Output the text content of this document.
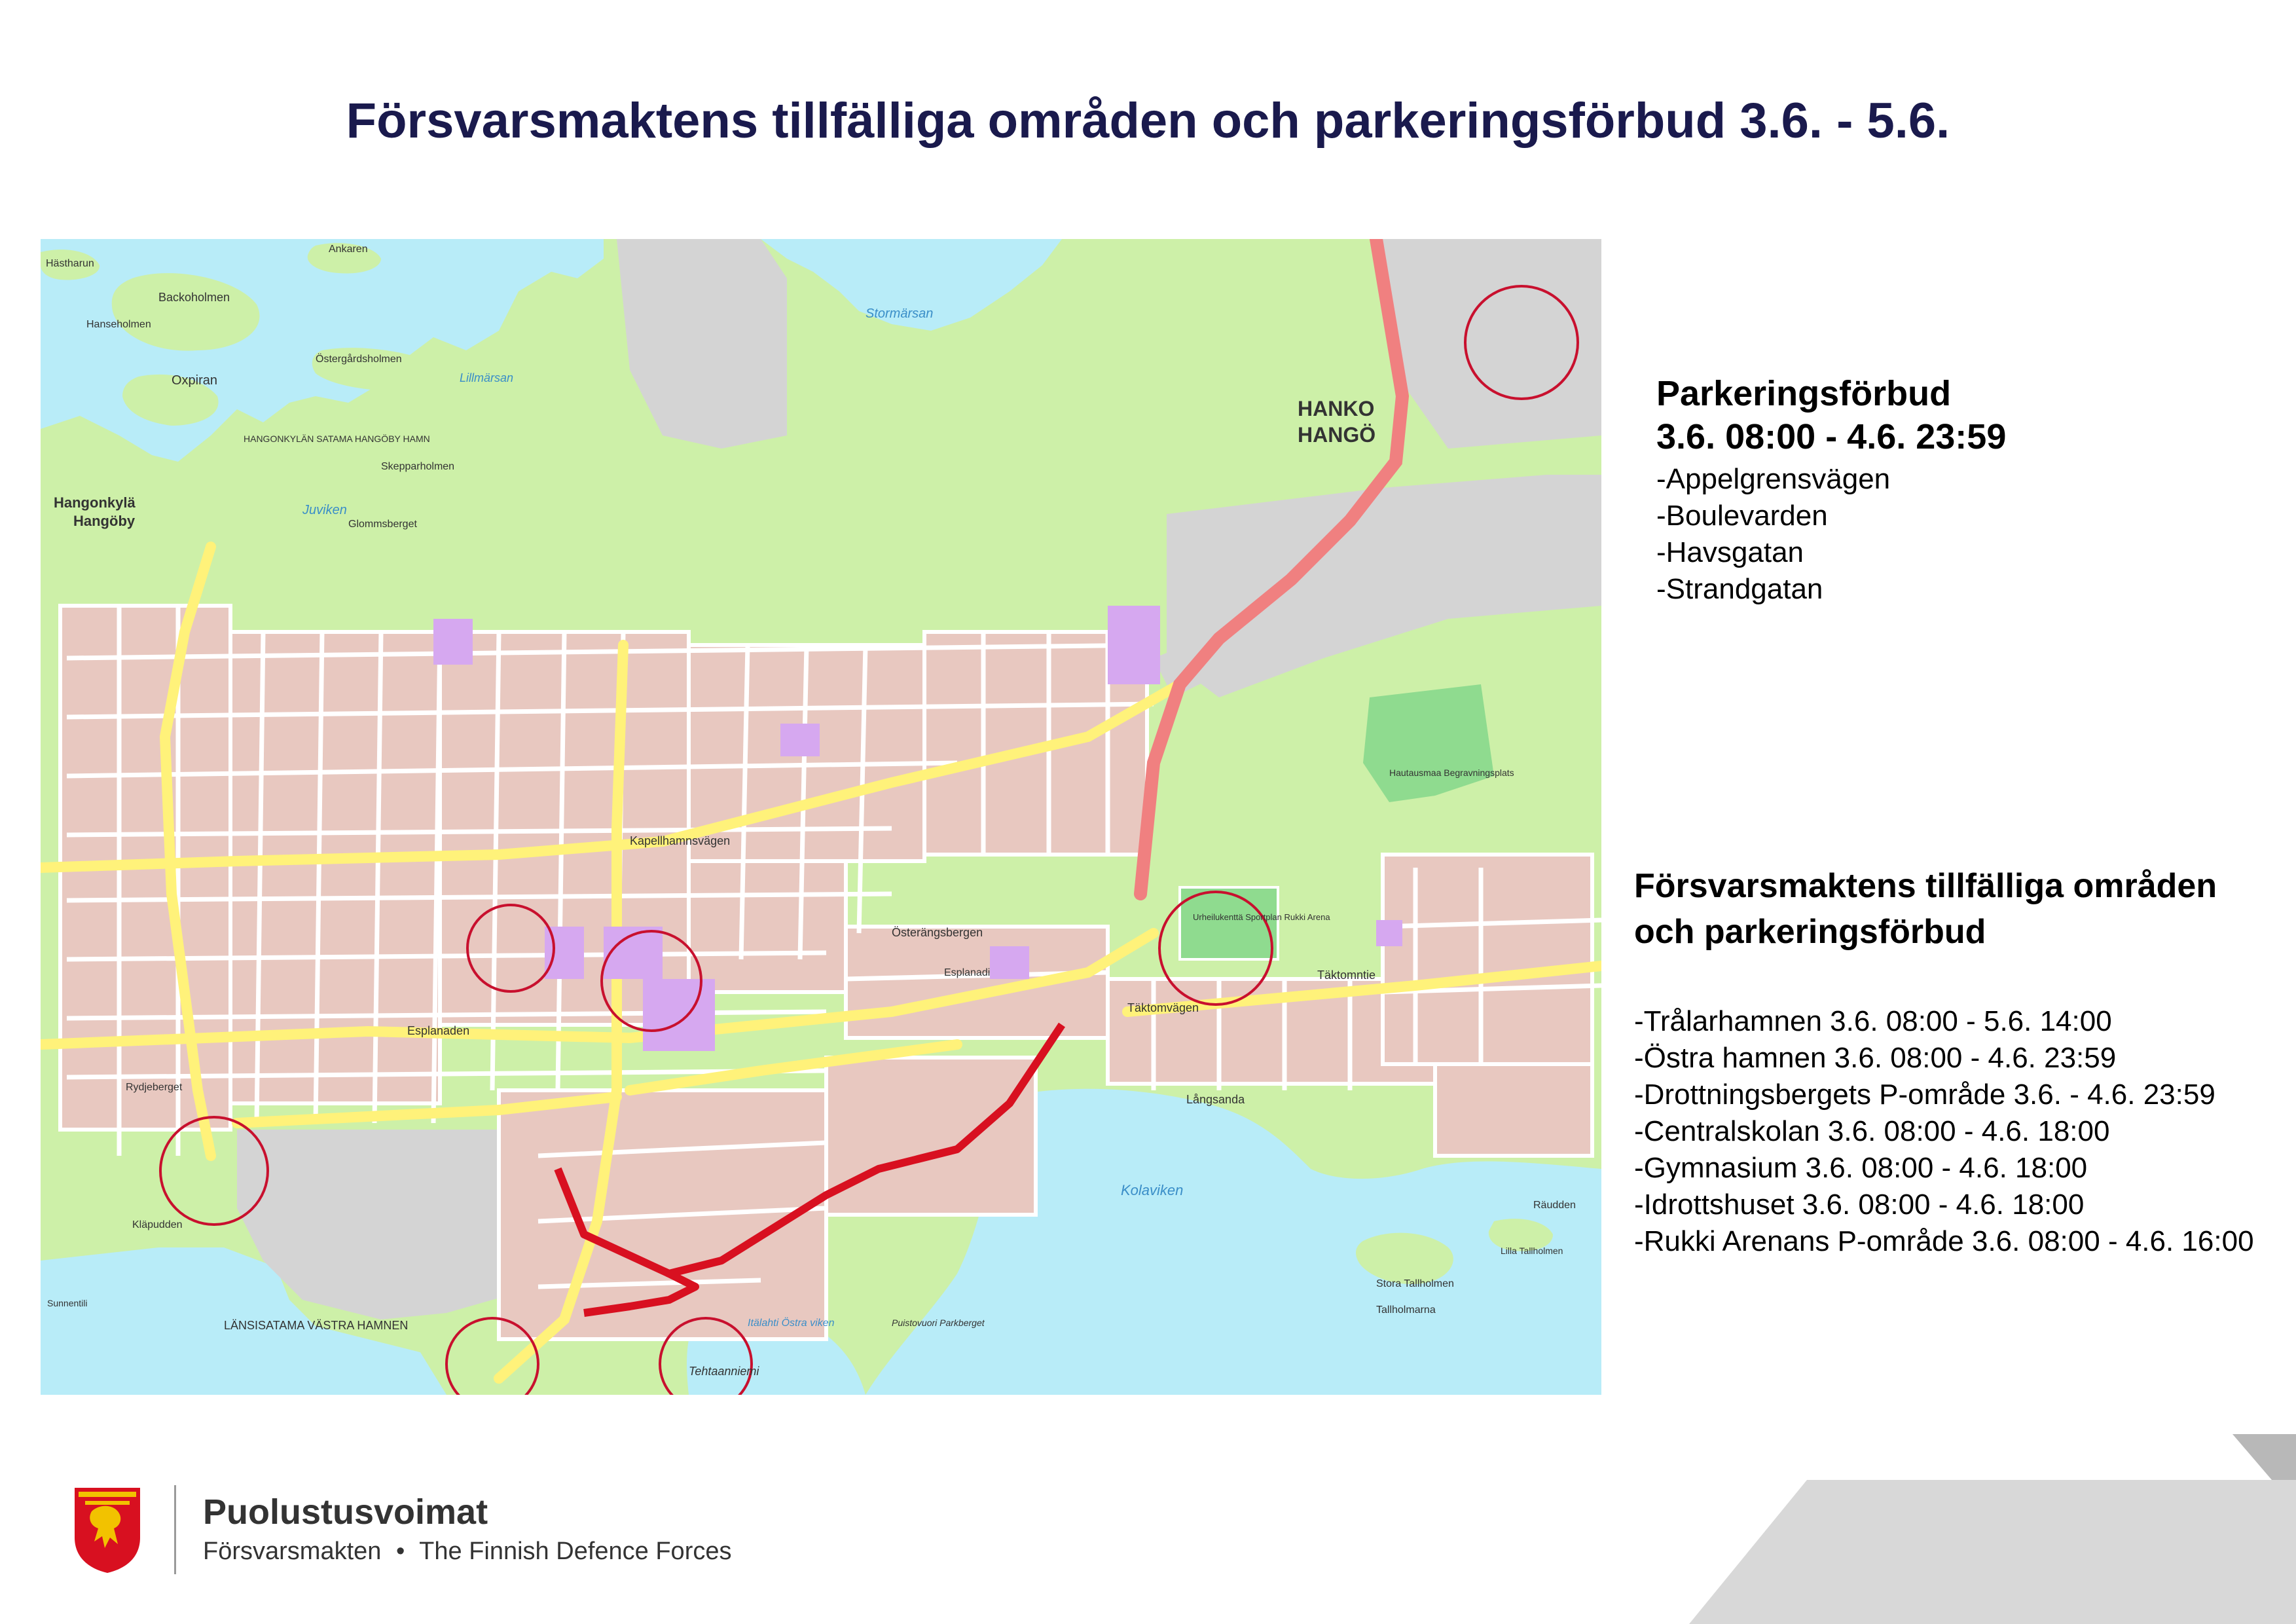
Försvarsmaktens tillfälliga områden och parkeringsförbud 3.6. - 5.6.
HANKO
HANGÖ
Hangonkylä
Hangöby
Oxpiran
Backoholmen
Hanseholmen
Hästharun
Ankaren
Östergårdsholmen
Lillmärsan
Stormärsan
Skepparholmen
Juviken
Glommsberget
HANGONKYLÄN SATAMA HANGÖBY HAMN
Kapellhamnsvägen
Esplanaden
Esplanadi
Österängsbergen
Kolaviken
Långsanda
Itälahti Östra viken
LÄNSISATAMA VÄSTRA HAMNEN
Tehtaanniemi
Stora Tallholmen
Lilla Tallholmen
Tallholmarna
Räudden
Täktomvägen
Täktomntie
Rydjeberget
Sunnentili
Kläpudden
Hautausmaa Begravningsplats
Urheilukenttä Sportplan Rukki Arena
Puistovuori Parkberget
Parkeringsförbud
3.6. 08:00 - 4.6. 23:59
-Appelgrensvägen
-Boulevarden
-Havsgatan
-Strandgatan
Försvarsmaktens tillfälliga områden
och parkeringsförbud
-Trålarhamnen 3.6. 08:00 - 5.6. 14:00
-Östra hamnen 3.6. 08:00 - 4.6. 23:59
-Drottningsbergets P-område 3.6. - 4.6. 23:59
-Centralskolan 3.6. 08:00 - 4.6. 18:00
-Gymnasium 3.6. 08:00 - 4.6. 18:00
-Idrottshuset 3.6. 08:00 - 4.6. 18:00
-Rukki Arenans P-område 3.6. 08:00 - 4.6. 16:00
Puolustusvoimat
Försvarsmakten • The Finnish Defence Forces
